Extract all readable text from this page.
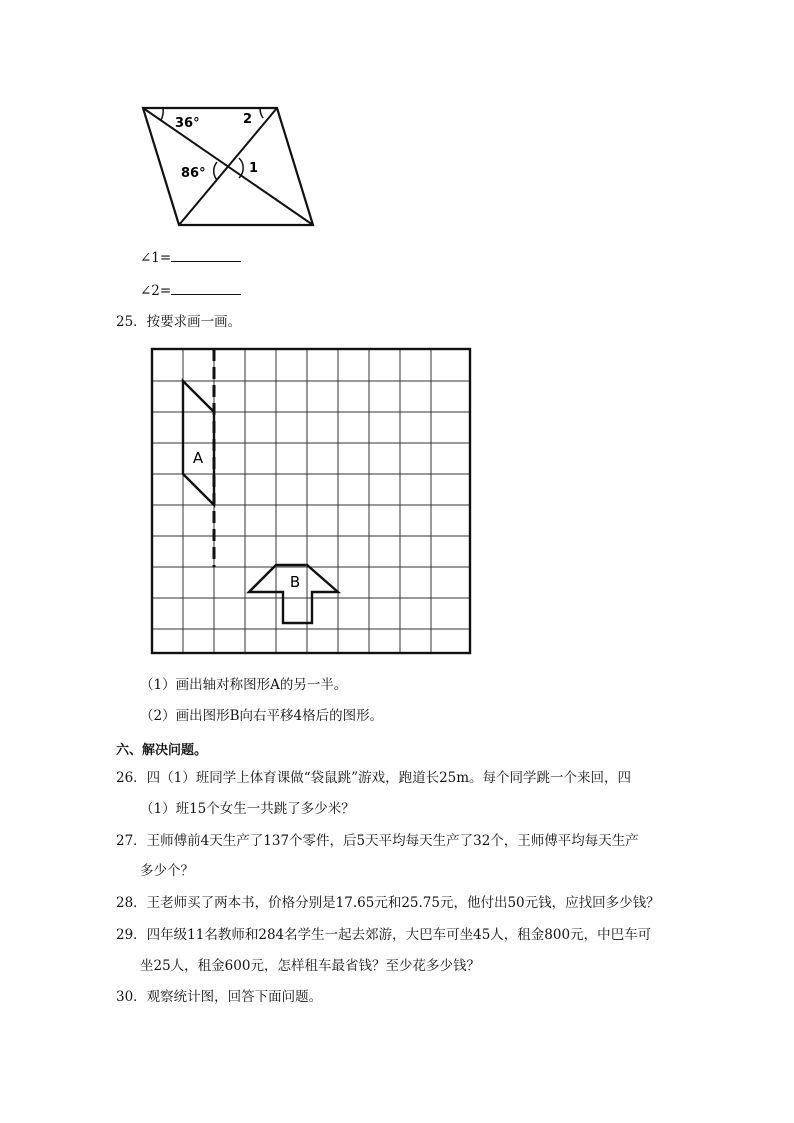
36°	2
86°	1
∠1=
∠2=
25．按要求画一画。
A
B
（1）画出轴对称图形A的另一半。
（2）画出图形B向右平移4格后的图形。
六、解决问题。
26．四（1）班同学上体育课做“袋鼠跳”游戏，跑道长25m。每个同学跳一个来回，四
（1）班15个女生一共跳了多少米？
27．王师傅前4天生产了137个零件，后5天平均每天生产了32个，王师傅平均每天生产
多少个？
28．王老师买了两本书，价格分别是17.65元和25.75元，他付出50元钱，应找回多少钱？
29．四年级11名教师和284名学生一起去郊游，大巴车可坐45人，租金800元，中巴车可
坐25人，租金600元，怎样租车最省钱？至少花多少钱？
30．观察统计图，回答下面问题。
